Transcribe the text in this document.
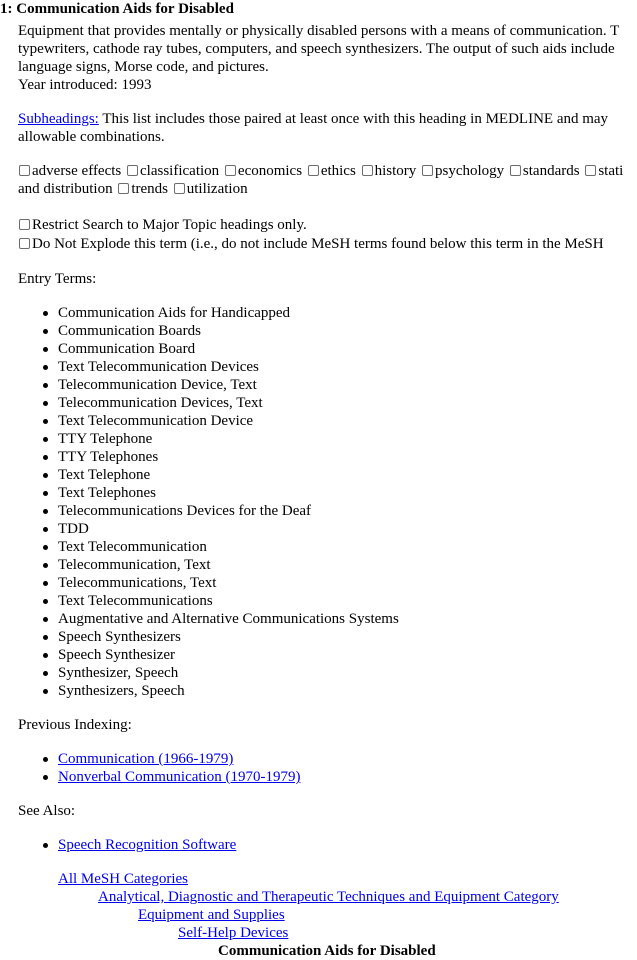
1: Communication Aids for Disabled
Equipment that provides mentally or physically disabled persons with a means of communication. T
typewriters, cathode ray tubes, computers, and speech synthesizers. The output of such aids include
language signs, Morse code, and pictures.
Year introduced: 1993
Subheadings: This list includes those paired at least once with this heading in MEDLINE and may
allowable combinations.
adverse effects classification economics ethics history psychology standards stati
and distribution trends utilization
Restrict Search to Major Topic headings only.
Do Not Explode this term (i.e., do not include MeSH terms found below this term in the MeSH
Entry Terms:
Communication Aids for Handicapped
Communication Boards
Communication Board
Text Telecommunication Devices
Telecommunication Device, Text
Telecommunication Devices, Text
Text Telecommunication Device
TTY Telephone
TTY Telephones
Text Telephone
Text Telephones
Telecommunications Devices for the Deaf
TDD
Text Telecommunication
Telecommunication, Text
Telecommunications, Text
Text Telecommunications
Augmentative and Alternative Communications Systems
Speech Synthesizers
Speech Synthesizer
Synthesizer, Speech
Synthesizers, Speech
Previous Indexing:
Communication (1966-1979)
Nonverbal Communication (1970-1979)
See Also:
Speech Recognition Software
All MeSH Categories
Analytical, Diagnostic and Therapeutic Techniques and Equipment Category
Equipment and Supplies
Self-Help Devices
Communication Aids for Disabled
